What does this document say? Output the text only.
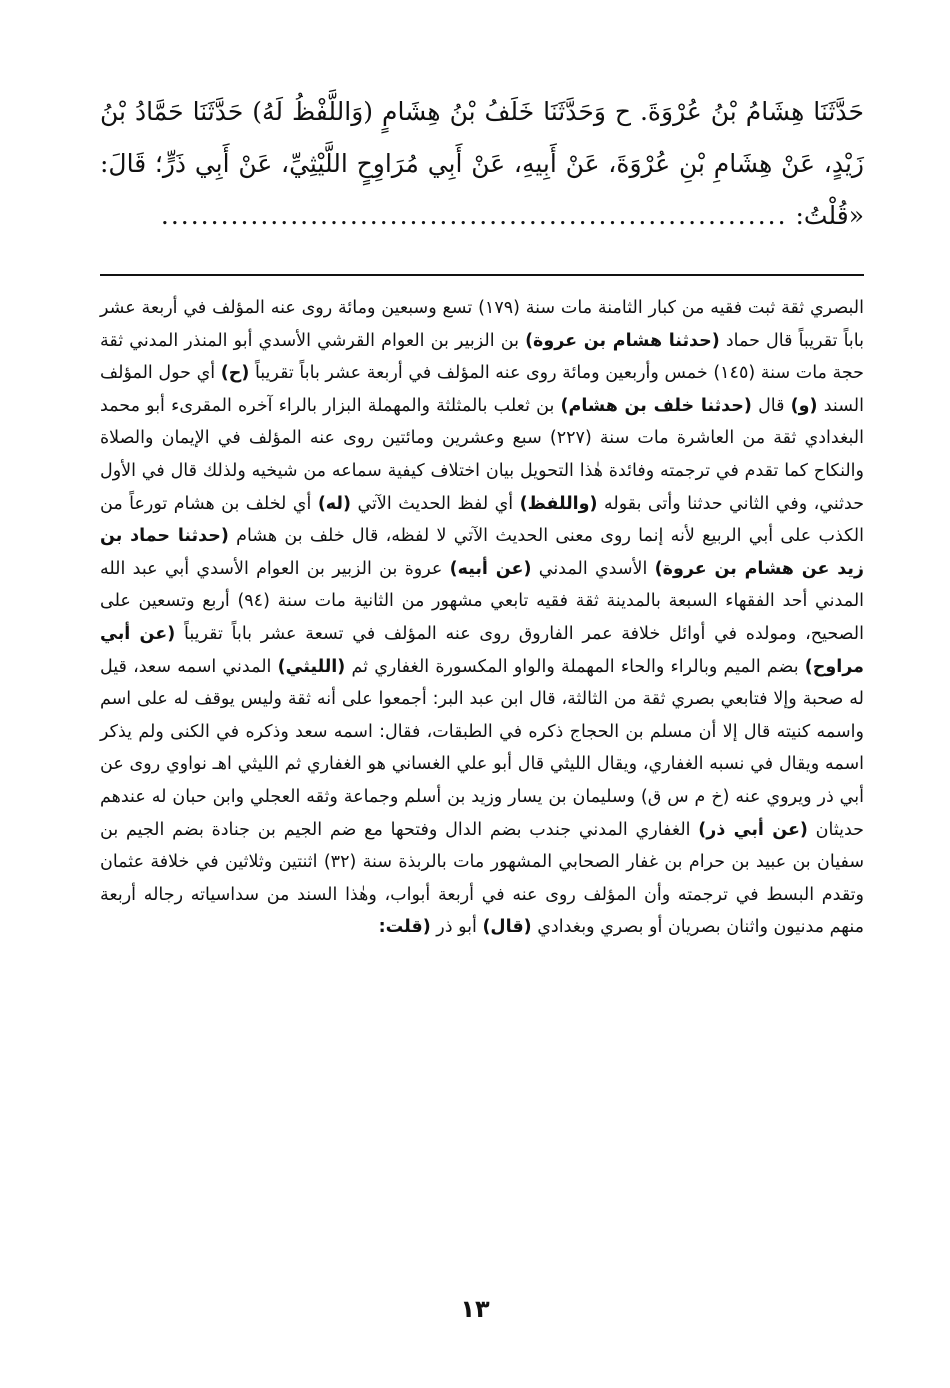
حَدَّثَنَا هِشَامُ بْنُ عُرْوَةَ. ح وَحَدَّثَنَا خَلَفُ بْنُ هِشَامٍ (وَاللَّفْظُ لَهُ) حَدَّثَنَا حَمَّادُ بْنُ زَيْدٍ، عَنْ هِشَامِ بْنِ عُرْوَةَ، عَنْ أَبِيهِ، عَنْ أَبِي مُرَاوِحٍ اللَّيْثِيِّ، عَنْ أَبِي ذَرٍّ؛ قَالَ: «قُلْتُ: ...............................................................
البصري ثقة ثبت فقيه من كبار الثامنة مات سنة (١٧٩) تسع وسبعين ومائة روى عنه المؤلف في أربعة عشر باباً تقريباً قال حماد (حدثنا هشام بن عروة) بن الزبير بن العوام القرشي الأسدي أبو المنذر المدني ثقة حجة مات سنة (١٤٥) خمس وأربعين ومائة روى عنه المؤلف في أربعة عشر باباً تقريباً (ح) أي حول المؤلف السند (و) قال (حدثنا خلف بن هشام) بن ثعلب بالمثلثة والمهملة البزار بالراء آخره المقرىء أبو محمد البغدادي ثقة من العاشرة مات سنة (٢٢٧) سبع وعشرين ومائتين روى عنه المؤلف في الإيمان والصلاة والنكاح كما تقدم في ترجمته وفائدة هٰذا التحويل بيان اختلاف كيفية سماعه من شيخيه ولذلك قال في الأول حدثني، وفي الثاني حدثنا وأتى بقوله (واللفظ) أي لفظ الحديث الآتي (له) أي لخلف بن هشام تورعاً من الكذب على أبي الربيع لأنه إنما روى معنى الحديث الآتي لا لفظه، قال خلف بن هشام (حدثنا حماد بن زيد عن هشام بن عروة) الأسدي المدني (عن أبيه) عروة بن الزبير بن العوام الأسدي أبي عبد الله المدني أحد الفقهاء السبعة بالمدينة ثقة فقيه تابعي مشهور من الثانية مات سنة (٩٤) أربع وتسعين على الصحيح، ومولده في أوائل خلافة عمر الفاروق روى عنه المؤلف في تسعة عشر باباً تقريباً (عن أبي مراوح) بضم الميم وبالراء والحاء المهملة والواو المكسورة الغفاري ثم (الليثي) المدني اسمه سعد، قيل له صحبة وإلا فتابعي بصري ثقة من الثالثة، قال ابن عبد البر: أجمعوا على أنه ثقة وليس يوقف له على اسم واسمه كنيته قال إلا أن مسلم بن الحجاج ذكره في الطبقات، فقال: اسمه سعد وذكره في الكنى ولم يذكر اسمه ويقال في نسبه الغفاري، ويقال الليثي قال أبو علي الغساني هو الغفاري ثم الليثي اهـ نواوي روى عن أبي ذر ويروي عنه (خ م س ق) وسليمان بن يسار وزيد بن أسلم وجماعة وثقه العجلي وابن حبان له عندهم حديثان (عن أبي ذر) الغفاري المدني جندب بضم الدال وفتحها مع ضم الجيم بن جنادة بضم الجيم بن سفيان بن عبيد بن حرام بن غفار الصحابي المشهور مات بالربذة سنة (٣٢) اثنتين وثلاثين في خلافة عثمان وتقدم البسط في ترجمته وأن المؤلف روى عنه في أربعة أبواب، وهٰذا السند من سداسياته رجاله أربعة منهم مدنيون واثنان بصريان أو بصري وبغدادي (قال) أبو ذر (قلت:
١٣
